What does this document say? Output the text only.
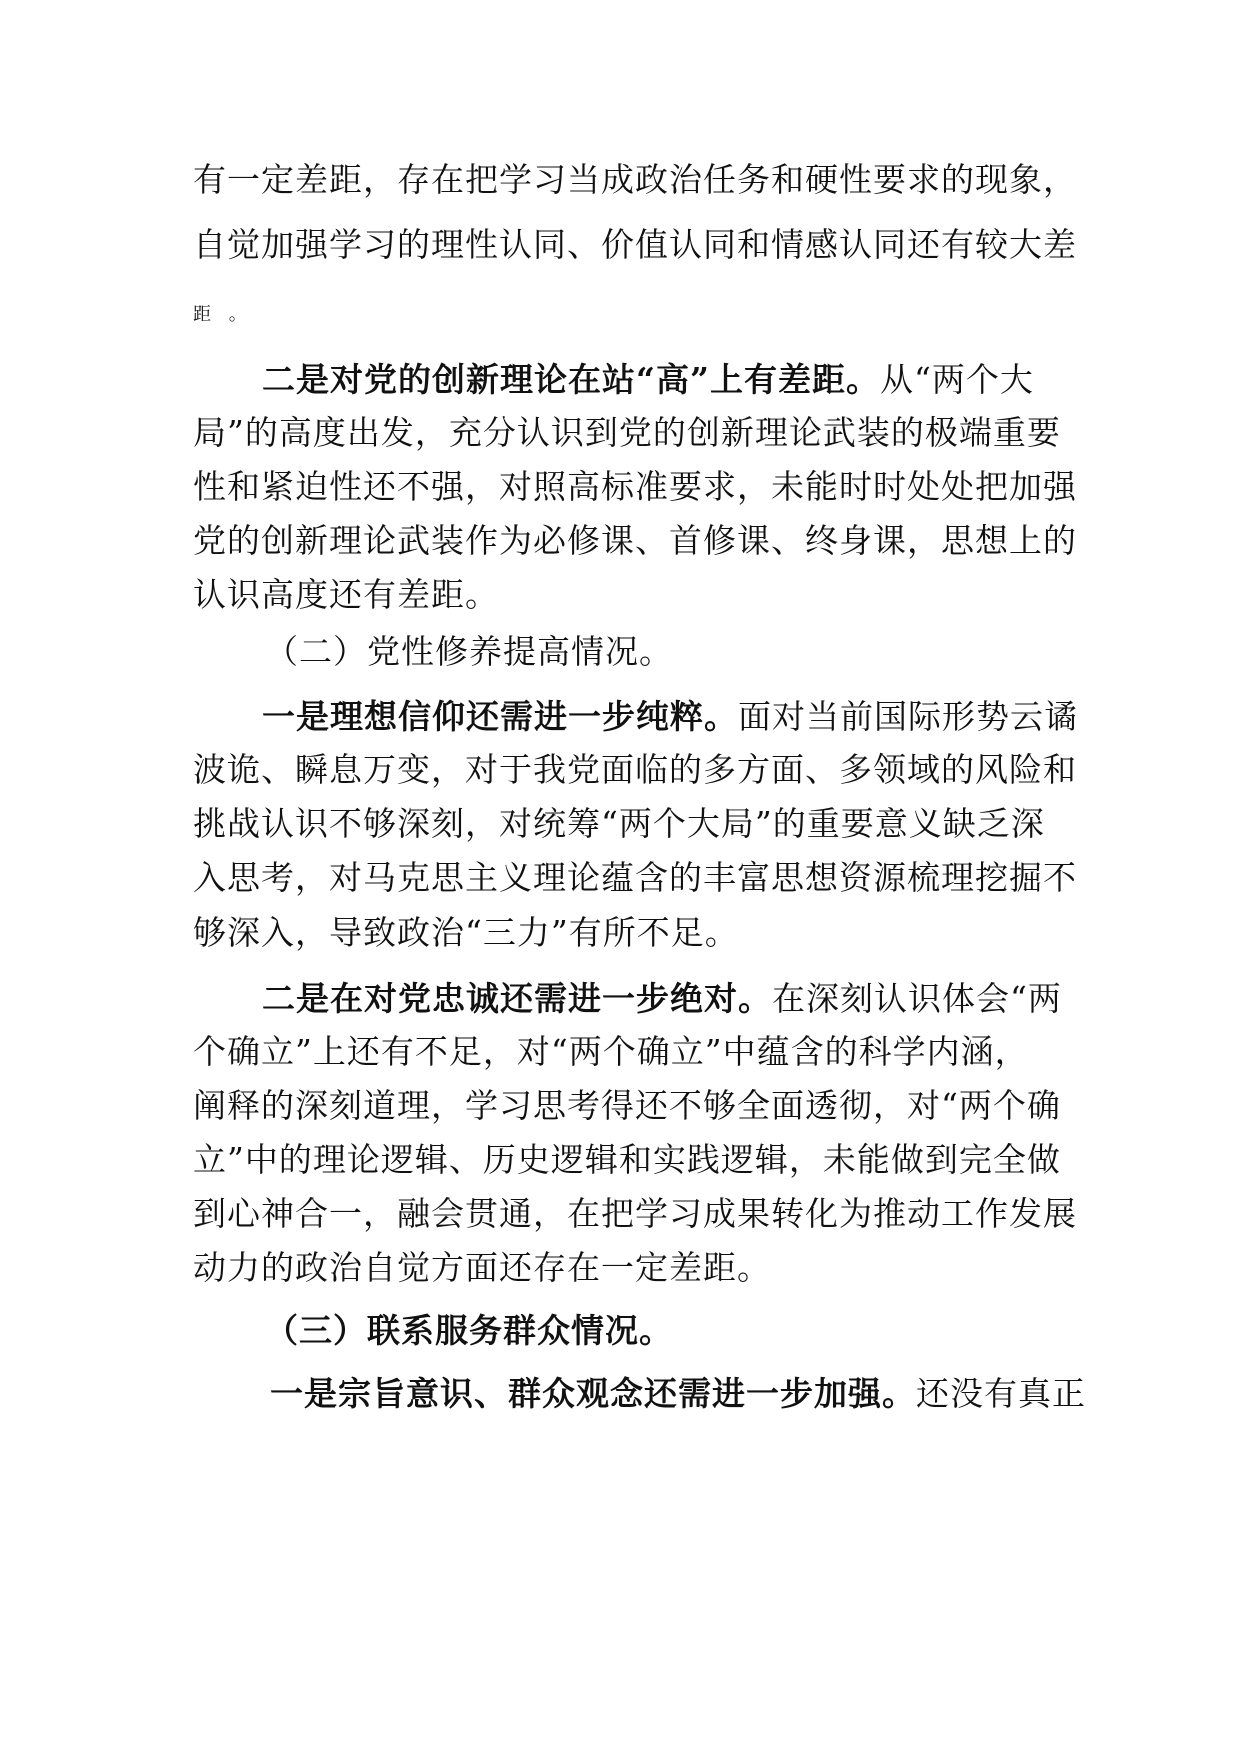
有一定差距，存在把学习当成政治任务和硬性要求的现象，

自觉加强学习的理性认同、价值认同和情感认同还有较大差

距 。

二是对党的创新理论在站“高”上有差距。从“两个大

局”的高度出发，充分认识到党的创新理论武装的极端重要

性和紧迫性还不强，对照高标准要求，未能时时处处把加强

党的创新理论武装作为必修课、首修课、终身课，思想上的

认识高度还有差距。

（二）党性修养提高情况。

一是理想信仰还需进一步纯粹。面对当前国际形势云谲

波诡、瞬息万变，对于我党面临的多方面、多领域的风险和

挑战认识不够深刻，对统筹“两个大局”的重要意义缺乏深

入思考，对马克思主义理论蕴含的丰富思想资源梳理挖掘不

够深入，导致政治“三力”有所不足。

二是在对党忠诚还需进一步绝对。在深刻认识体会“两

个确立”上还有不足，对“两个确立”中蕴含的科学内涵，

阐释的深刻道理，学习思考得还不够全面透彻，对“两个确

立”中的理论逻辑、历史逻辑和实践逻辑，未能做到完全做

到心神合一，融会贯通，在把学习成果转化为推动工作发展

动力的政治自觉方面还存在一定差距。

（三）联系服务群众情况。

一是宗旨意识、群众观念还需进一步加强。还没有真正
